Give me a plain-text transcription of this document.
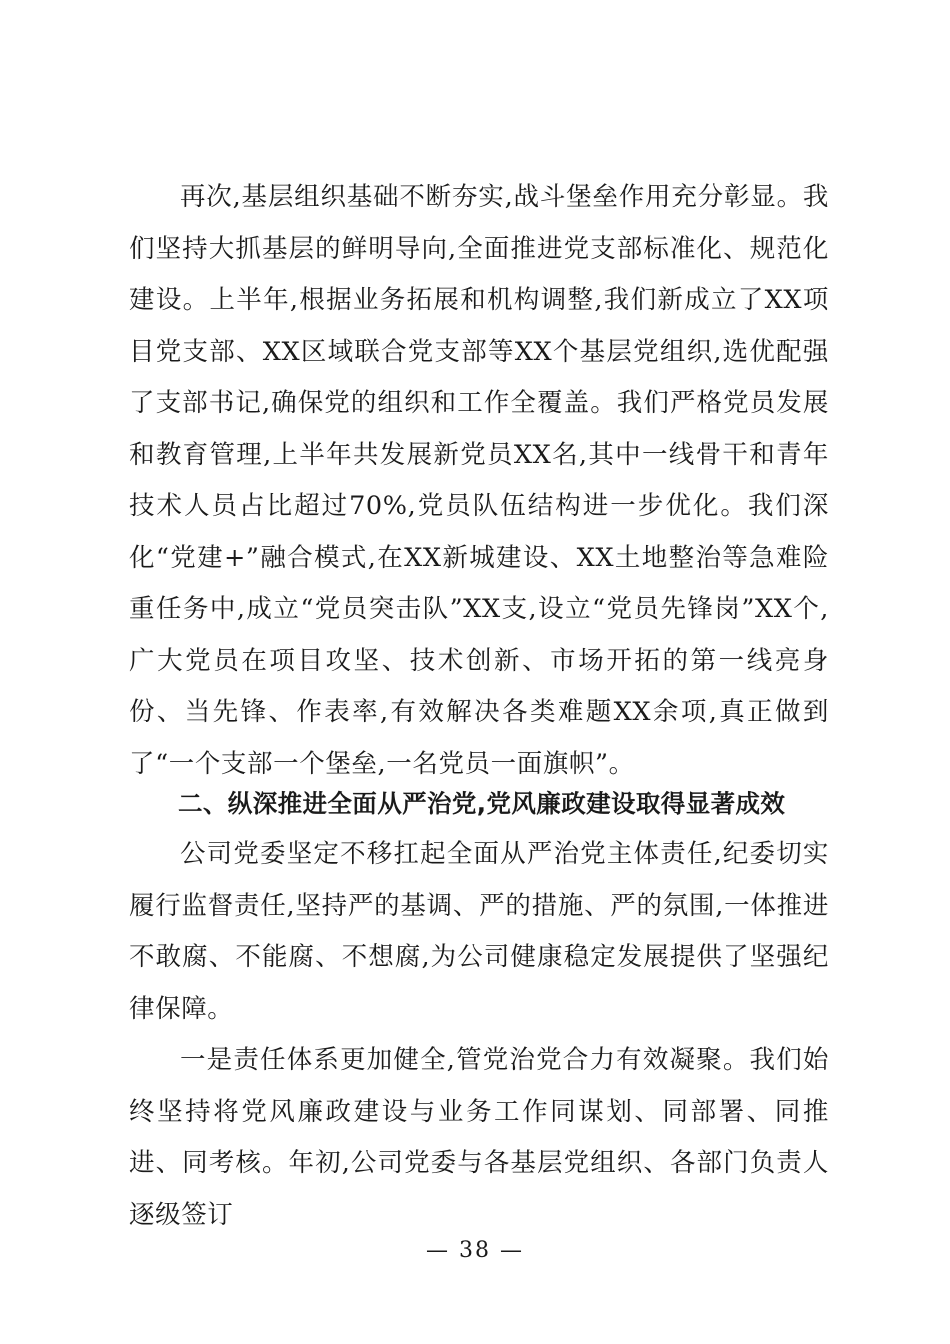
再次,基层组织基础不断夯实,战斗堡垒作用充分彰显。我们坚持大抓基层的鲜明导向,全面推进党支部标准化、规范化建设。上半年,根据业务拓展和机构调整,我们新成立了XX项目党支部、XX区域联合党支部等XX个基层党组织,选优配强了支部书记,确保党的组织和工作全覆盖。我们严格党员发展和教育管理,上半年共发展新党员XX名,其中一线骨干和青年技术人员占比超过70%,党员队伍结构进一步优化。我们深化“党建+”融合模式,在XX新城建设、XX土地整治等急难险重任务中,成立“党员突击队”XX支,设立“党员先锋岗”XX个,广大党员在项目攻坚、技术创新、市场开拓的第一线亮身份、当先锋、作表率,有效解决各类难题XX余项,真正做到了“一个支部一个堡垒,一名党员一面旗帜”。

二、纵深推进全面从严治党,党风廉政建设取得显著成效

公司党委坚定不移扛起全面从严治党主体责任,纪委切实履行监督责任,坚持严的基调、严的措施、严的氛围,一体推进不敢腐、不能腐、不想腐,为公司健康稳定发展提供了坚强纪律保障。

一是责任体系更加健全,管党治党合力有效凝聚。我们始终坚持将党风廉政建设与业务工作同谋划、同部署、同推进、同考核。年初,公司党委与各基层党组织、各部门负责人逐级签订

— 38 —
